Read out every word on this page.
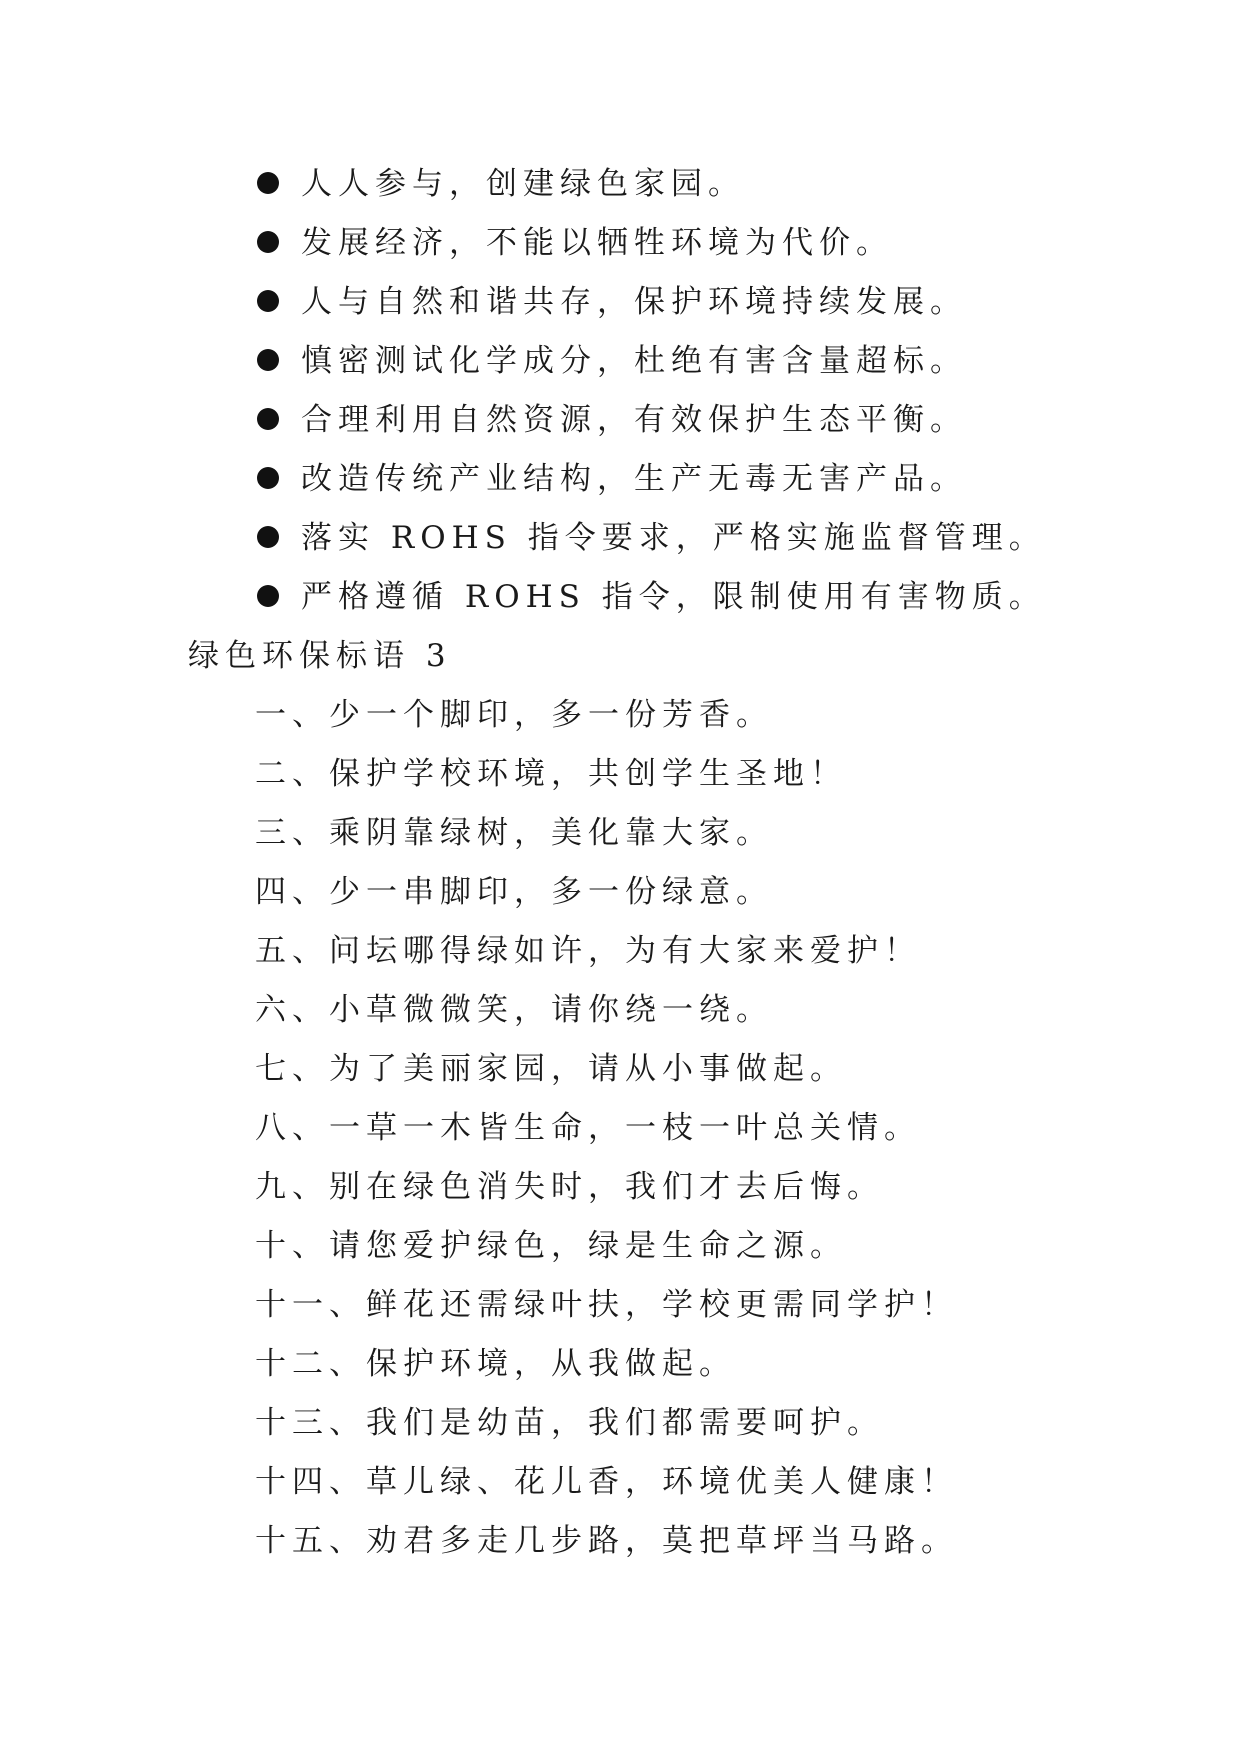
人人参与，创建绿色家园。
发展经济，不能以牺牲环境为代价。
人与自然和谐共存，保护环境持续发展。
慎密测试化学成分，杜绝有害含量超标。
合理利用自然资源，有效保护生态平衡。
改造传统产业结构，生产无毒无害产品。
落实 ROHS 指令要求，严格实施监督管理。
严格遵循 ROHS 指令，限制使用有害物质。
绿色环保标语 3
一、少一个脚印，多一份芳香。
二、保护学校环境，共创学生圣地！
三、乘阴靠绿树，美化靠大家。
四、少一串脚印，多一份绿意。
五、问坛哪得绿如许，为有大家来爱护！
六、小草微微笑，请你绕一绕。
七、为了美丽家园，请从小事做起。
八、一草一木皆生命，一枝一叶总关情。
九、别在绿色消失时，我们才去后悔。
十、请您爱护绿色，绿是生命之源。
十一、鲜花还需绿叶扶，学校更需同学护！
十二、保护环境，从我做起。
十三、我们是幼苗，我们都需要呵护。
十四、草儿绿、花儿香，环境优美人健康！
十五、劝君多走几步路，莫把草坪当马路。
